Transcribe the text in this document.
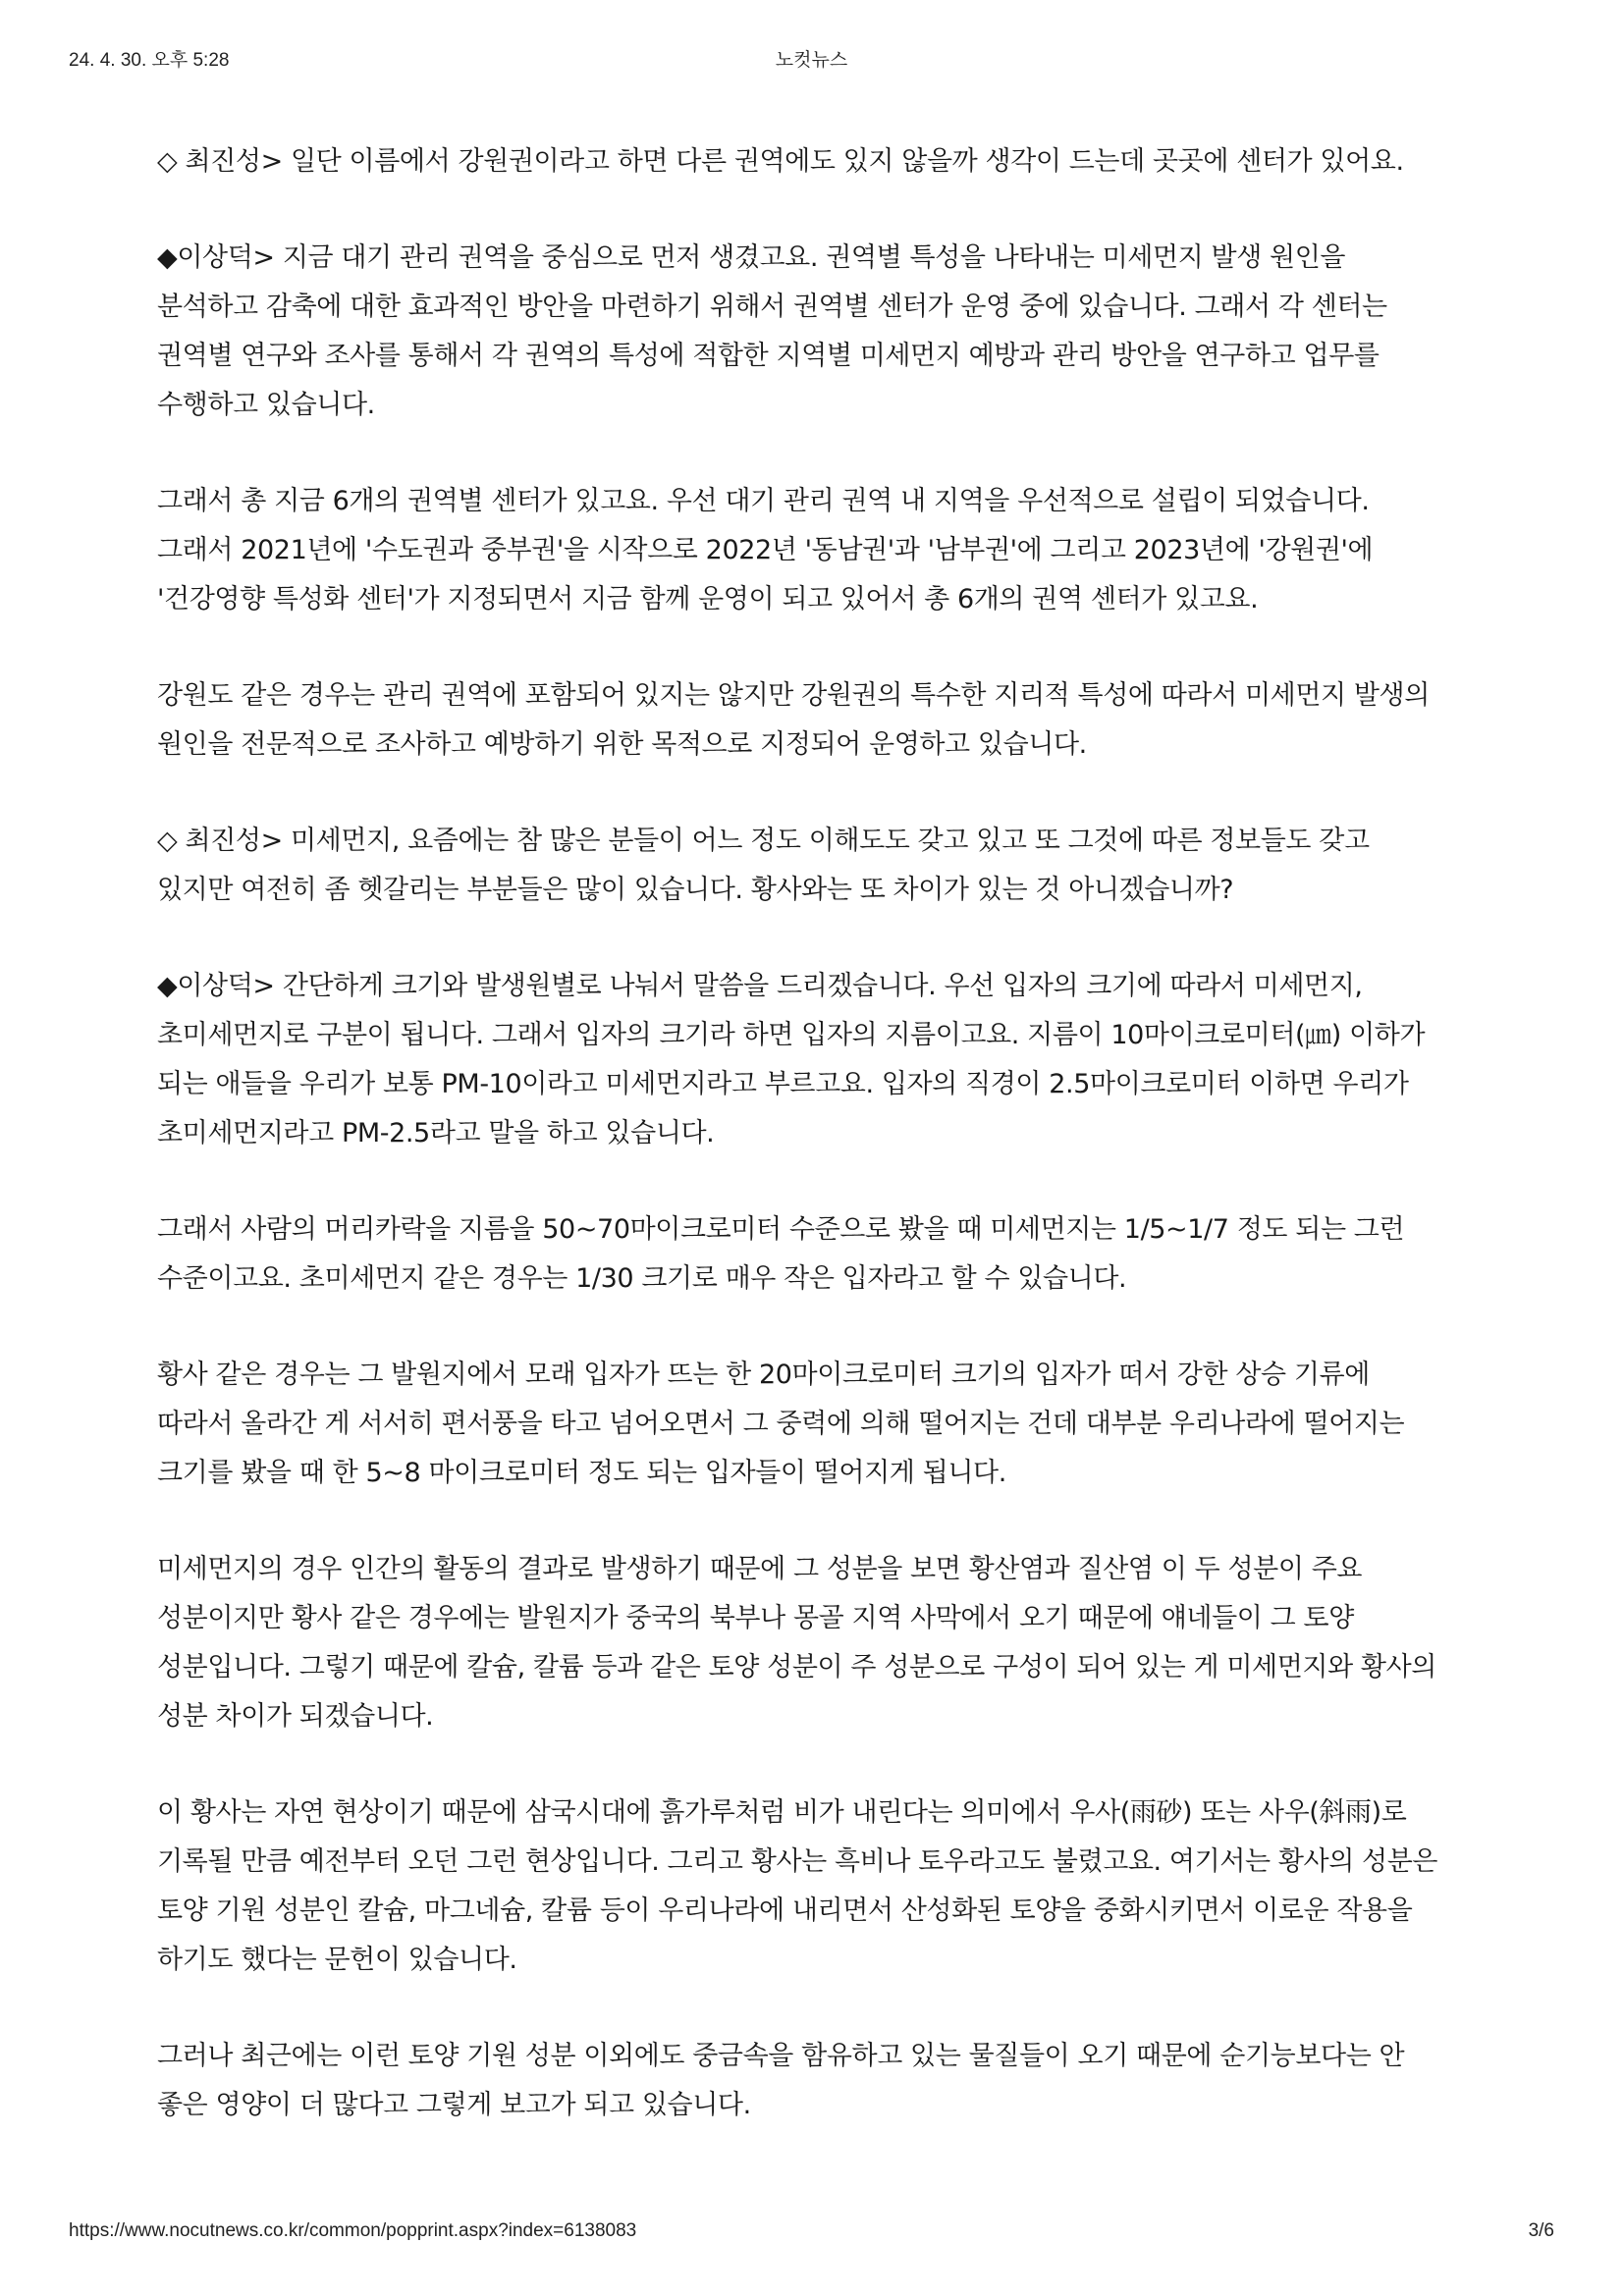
24. 4. 30. 오후 5:28	노컷뉴스

◇ 최진성> 일단 이름에서 강원권이라고 하면 다른 권역에도 있지 않을까 생각이 드는데 곳곳에 센터가 있어요.

◆이상덕> 지금 대기 관리 권역을 중심으로 먼저 생겼고요. 권역별 특성을 나타내는 미세먼지 발생 원인을 분석하고 감축에 대한 효과적인 방안을 마련하기 위해서 권역별 센터가 운영 중에 있습니다. 그래서 각 센터는 권역별 연구와 조사를 통해서 각 권역의 특성에 적합한 지역별 미세먼지 예방과 관리 방안을 연구하고 업무를 수행하고 있습니다.

그래서 총 지금 6개의 권역별 센터가 있고요. 우선 대기 관리 권역 내 지역을 우선적으로 설립이 되었습니다. 그래서 2021년에 '수도권과 중부권'을 시작으로 2022년 '동남권'과 '남부권'에 그리고 2023년에 '강원권'에 '건강영향 특성화 센터'가 지정되면서 지금 함께 운영이 되고 있어서 총 6개의 권역 센터가 있고요.

강원도 같은 경우는 관리 권역에 포함되어 있지는 않지만 강원권의 특수한 지리적 특성에 따라서 미세먼지 발생의 원인을 전문적으로 조사하고 예방하기 위한 목적으로 지정되어 운영하고 있습니다.

◇ 최진성> 미세먼지, 요즘에는 참 많은 분들이 어느 정도 이해도도 갖고 있고 또 그것에 따른 정보들도 갖고 있지만 여전히 좀 헷갈리는 부분들은 많이 있습니다. 황사와는 또 차이가 있는 것 아니겠습니까?

◆이상덕> 간단하게 크기와 발생원별로 나눠서 말씀을 드리겠습니다. 우선 입자의 크기에 따라서 미세먼지, 초미세먼지로 구분이 됩니다. 그래서 입자의 크기라 하면 입자의 지름이고요. 지름이 10마이크로미터(㎛) 이하가 되는 애들을 우리가 보통 PM-10이라고 미세먼지라고 부르고요. 입자의 직경이 2.5마이크로미터 이하면 우리가 초미세먼지라고 PM-2.5라고 말을 하고 있습니다.

그래서 사람의 머리카락을 지름을 50~70마이크로미터 수준으로 봤을 때 미세먼지는 1/5~1/7 정도 되는 그런 수준이고요. 초미세먼지 같은 경우는 1/30 크기로 매우 작은 입자라고 할 수 있습니다.

황사 같은 경우는 그 발원지에서 모래 입자가 뜨는 한 20마이크로미터 크기의 입자가 떠서 강한 상승 기류에 따라서 올라간 게 서서히 편서풍을 타고 넘어오면서 그 중력에 의해 떨어지는 건데 대부분 우리나라에 떨어지는 크기를 봤을 때 한 5~8 마이크로미터 정도 되는 입자들이 떨어지게 됩니다.

미세먼지의 경우 인간의 활동의 결과로 발생하기 때문에 그 성분을 보면 황산염과 질산염 이 두 성분이 주요 성분이지만 황사 같은 경우에는 발원지가 중국의 북부나 몽골 지역 사막에서 오기 때문에 얘네들이 그 토양 성분입니다. 그렇기 때문에 칼슘, 칼륨 등과 같은 토양 성분이 주 성분으로 구성이 되어 있는 게 미세먼지와 황사의 성분 차이가 되겠습니다.

이 황사는 자연 현상이기 때문에 삼국시대에 흙가루처럼 비가 내린다는 의미에서 우사(雨砂) 또는 사우(斜雨)로 기록될 만큼 예전부터 오던 그런 현상입니다. 그리고 황사는 흑비나 토우라고도 불렸고요. 여기서는 황사의 성분은 토양 기원 성분인 칼슘, 마그네슘, 칼륨 등이 우리나라에 내리면서 산성화된 토양을 중화시키면서 이로운 작용을 하기도 했다는 문헌이 있습니다.

그러나 최근에는 이런 토양 기원 성분 이외에도 중금속을 함유하고 있는 물질들이 오기 때문에 순기능보다는 안 좋은 영양이 더 많다고 그렇게 보고가 되고 있습니다.

https://www.nocutnews.co.kr/common/popprint.aspx?index=6138083	3/6
